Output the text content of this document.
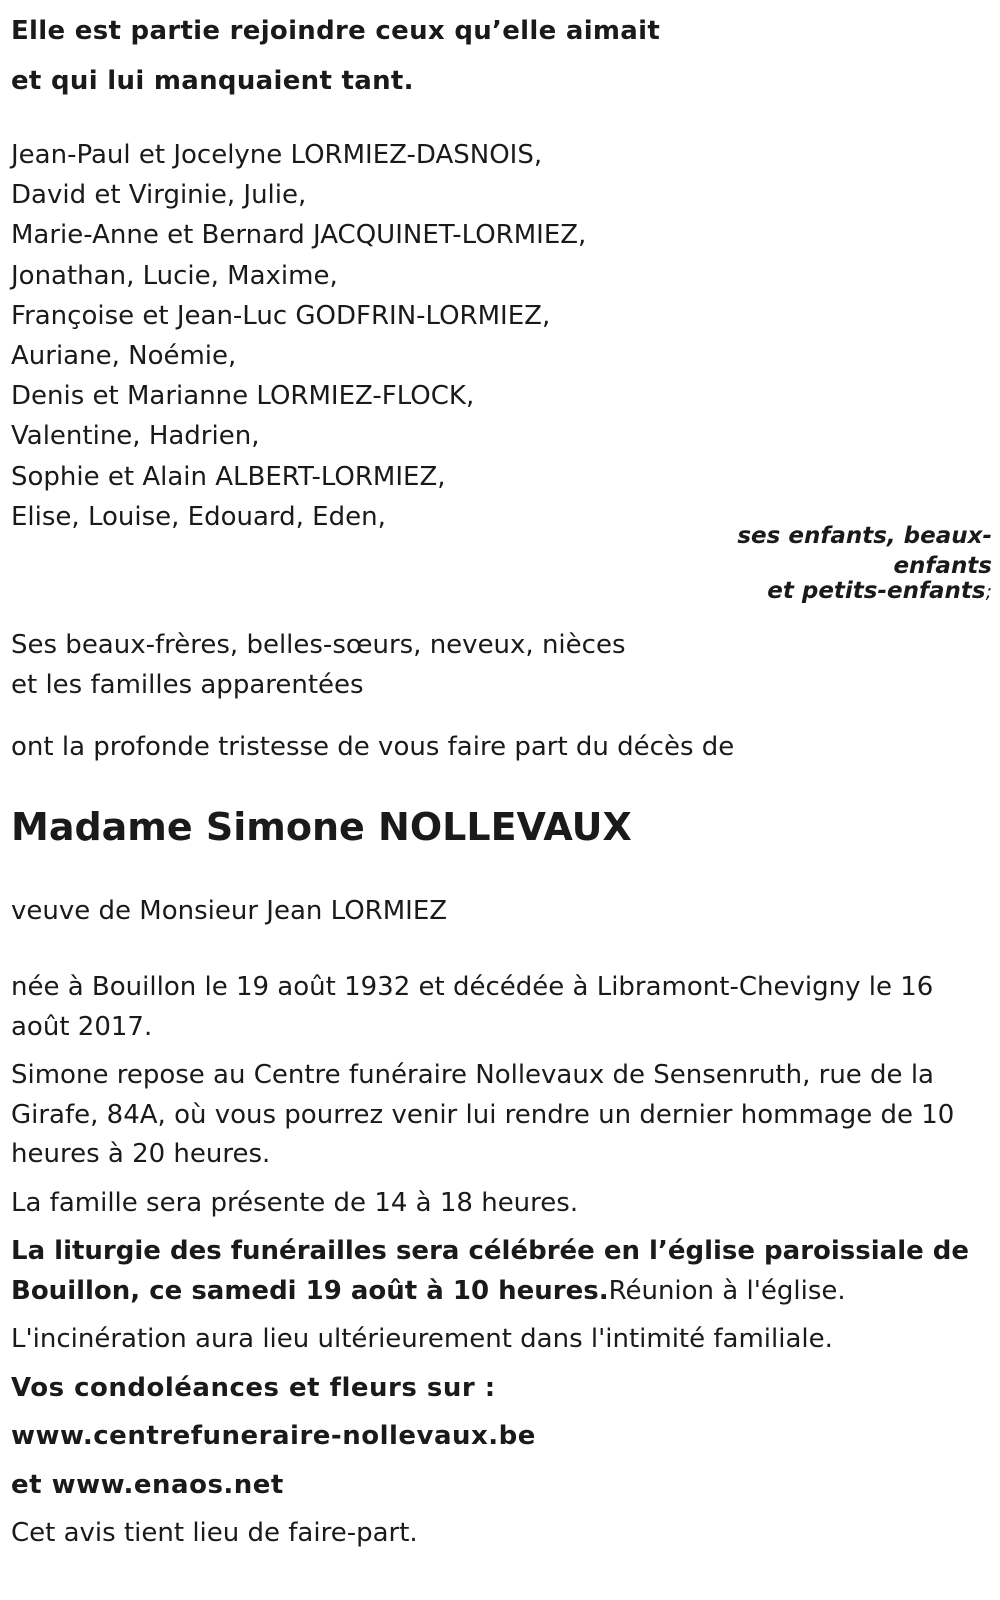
Elle est partie rejoindre ceux qu’elle aimait
et qui lui manquaient tant.
Jean-Paul et Jocelyne LORMIEZ-DASNOIS,
David et Virginie, Julie,
Marie-Anne et Bernard JACQUINET-LORMIEZ,
Jonathan, Lucie, Maxime,
Françoise et Jean-Luc GODFRIN-LORMIEZ,
Auriane, Noémie,
Denis et Marianne LORMIEZ-FLOCK,
Valentine, Hadrien,
Sophie et Alain ALBERT-LORMIEZ,
Elise, Louise, Edouard, Eden,
ses enfants, beaux-
enfants
et petits-enfants;
Ses beaux-frères, belles-sœurs, neveux, nièces
et les familles apparentées
ont la profonde tristesse de vous faire part du décès de
Madame Simone NOLLEVAUX
veuve de Monsieur Jean LORMIEZ

née à Bouillon le 19 août 1932 et décédée à Libramont-Chevigny le 16 août 2017.

Simone repose au Centre funéraire Nollevaux de Sensenruth, rue de la Girafe, 84A, où vous pourrez venir lui rendre un dernier hommage de 10 heures à 20 heures.

La famille sera présente de 14 à 18 heures.

La liturgie des funérailles sera célébrée en l’église paroissiale de Bouillon, ce samedi 19 août à 10 heures.Réunion à l'église.

L'incinération aura lieu ultérieurement dans l'intimité familiale.

Vos condoléances et fleurs sur :
www.centrefuneraire-nollevaux.be
et www.enaos.net

Cet avis tient lieu de faire-part.
